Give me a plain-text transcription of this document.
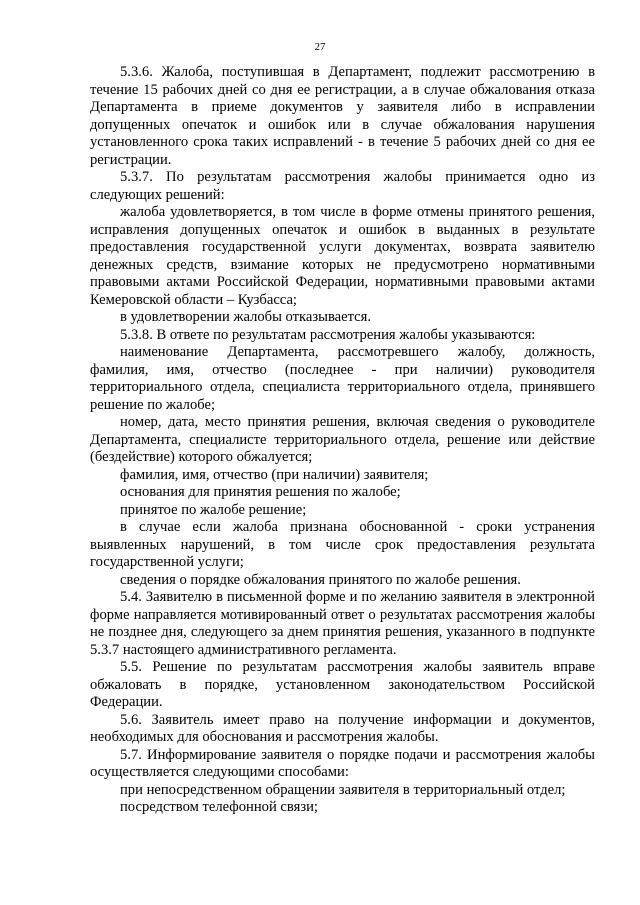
27

5.3.6. Жалоба, поступившая в Департамент, подлежит рассмотрению в течение 15 рабочих дней со дня ее регистрации, а в случае обжалования отказа Департамента в приеме документов у заявителя либо в исправлении допущенных опечаток и ошибок или в случае обжалования нарушения установленного срока таких исправлений - в течение 5 рабочих дней со дня ее регистрации.

5.3.7. По результатам рассмотрения жалобы принимается одно из следующих решений:

жалоба удовлетворяется, в том числе в форме отмены принятого решения, исправления допущенных опечаток и ошибок в выданных в результате предоставления государственной услуги документах, возврата заявителю денежных средств, взимание которых не предусмотрено нормативными правовыми актами Российской Федерации, нормативными правовыми актами Кемеровской области – Кузбасса;

в удовлетворении жалобы отказывается.

5.3.8. В ответе по результатам рассмотрения жалобы указываются:

наименование Департамента, рассмотревшего жалобу, должность, фамилия, имя, отчество (последнее - при наличии) руководителя территориального отдела, специалиста территориального отдела, принявшего решение по жалобе;

номер, дата, место принятия решения, включая сведения о руководителе Департамента, специалисте территориального отдела, решение или действие (бездействие) которого обжалуется;

фамилия, имя, отчество (при наличии) заявителя;

основания для принятия решения по жалобе;

принятое по жалобе решение;

в случае если жалоба признана обоснованной - сроки устранения выявленных нарушений, в том числе срок предоставления результата государственной услуги;

сведения о порядке обжалования принятого по жалобе решения.

5.4. Заявителю в письменной форме и по желанию заявителя в электронной форме направляется мотивированный ответ о результатах рассмотрения жалобы не позднее дня, следующего за днем принятия решения, указанного в подпункте 5.3.7 настоящего административного регламента.

5.5. Решение по результатам рассмотрения жалобы заявитель вправе обжаловать в порядке, установленном законодательством Российской Федерации.

5.6. Заявитель имеет право на получение информации и документов, необходимых для обоснования и рассмотрения жалобы.

5.7. Информирование заявителя о порядке подачи и рассмотрения жалобы осуществляется следующими способами:

при непосредственном обращении заявителя в территориальный отдел;

посредством телефонной связи;
